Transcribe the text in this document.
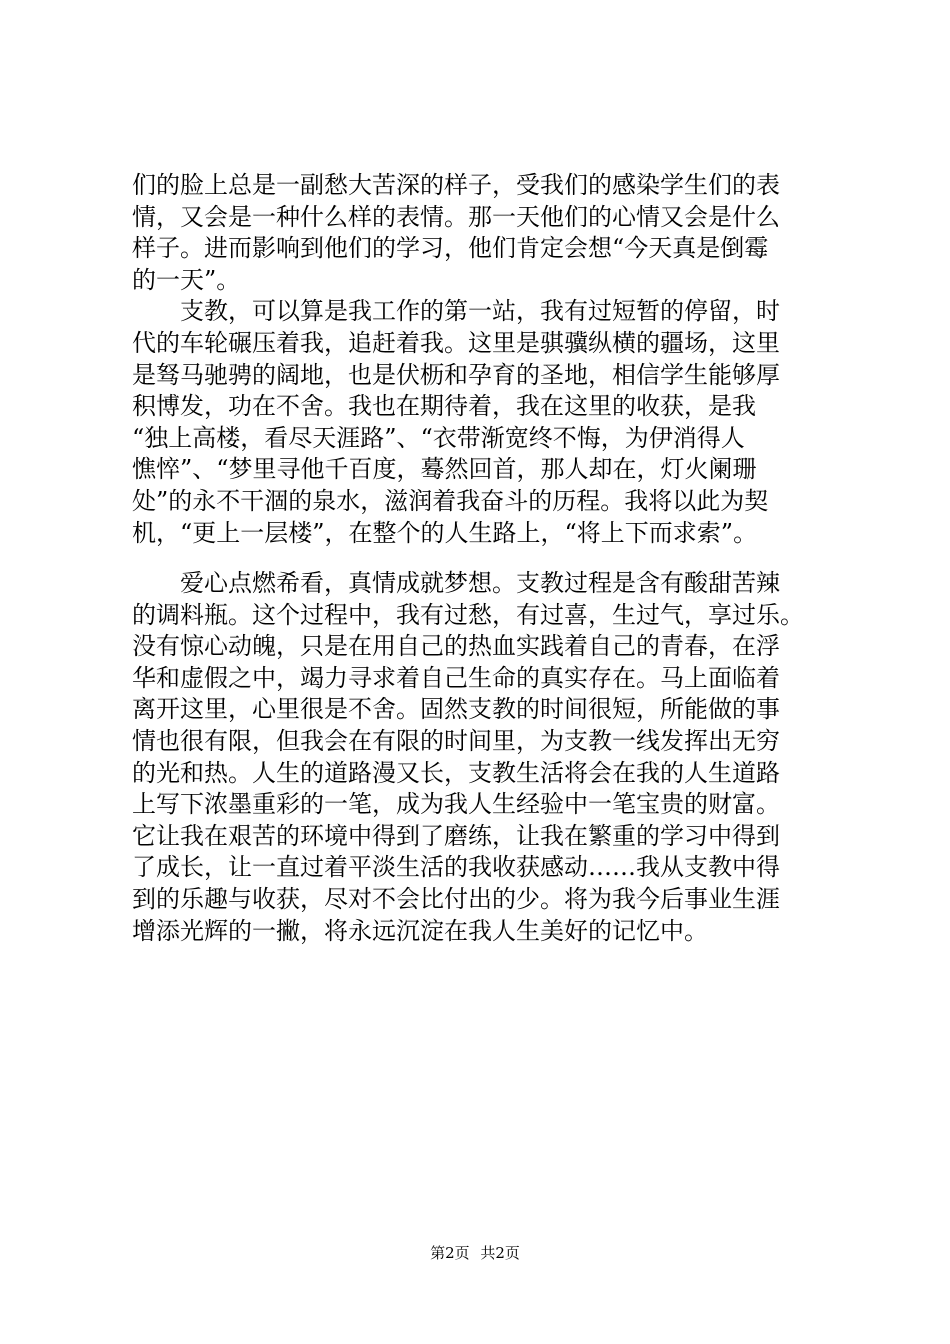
们的脸上总是一副愁大苦深的样子，受我们的感染学生们的表
情，又会是一种什么样的表情。那一天他们的心情又会是什么
样子。进而影响到他们的学习，他们肯定会想“今天真是倒霉
的一天”。
支教，可以算是我工作的第一站，我有过短暂的停留，时
代的车轮碾压着我，追赶着我。这里是骐骥纵横的疆场，这里
是驽马驰骋的阔地，也是伏枥和孕育的圣地，相信学生能够厚
积博发，功在不舍。我也在期待着，我在这里的收获，是我
“独上高楼，看尽天涯路”、“衣带渐宽终不悔，为伊消得人
憔悴”、“梦里寻他千百度，蓦然回首，那人却在，灯火阑珊
处”的永不干涸的泉水，滋润着我奋斗的历程。我将以此为契
机，“更上一层楼”，在整个的人生路上，“将上下而求索”。
爱心点燃希看，真情成就梦想。支教过程是含有酸甜苦辣
的调料瓶。这个过程中，我有过愁，有过喜，生过气，享过乐。
没有惊心动魄，只是在用自己的热血实践着自己的青春，在浮
华和虚假之中，竭力寻求着自己生命的真实存在。马上面临着
离开这里，心里很是不舍。固然支教的时间很短，所能做的事
情也很有限，但我会在有限的时间里，为支教一线发挥出无穷
的光和热。人生的道路漫又长，支教生活将会在我的人生道路
上写下浓墨重彩的一笔，成为我人生经验中一笔宝贵的财富。
它让我在艰苦的环境中得到了磨练，让我在繁重的学习中得到
了成长，让一直过着平淡生活的我收获感动……我从支教中得
到的乐趣与收获，尽对不会比付出的少。将为我今后事业生涯
增添光辉的一撇，将永远沉淀在我人生美好的记忆中。
第2页 共2页
